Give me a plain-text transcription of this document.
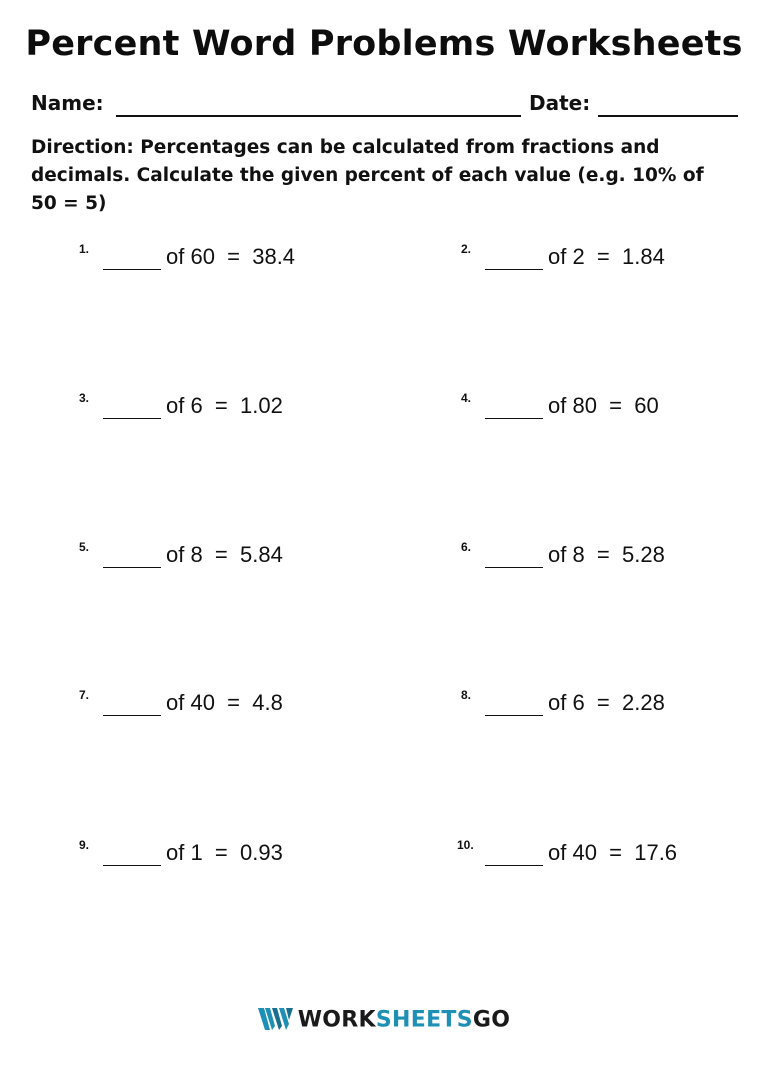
Percent Word Problems Worksheets
Name:	Date:
Direction: Percentages can be calculated from fractions and decimals. Calculate the given percent of each value (e.g. 10% of 50 = 5)
1.	of 60  =  38.4	2.	of 2  =  1.84
3.	of 6  =  1.02	4.	of 80  =  60
5.	of 8  =  5.84	6.	of 8  =  5.28
7.	of 40  =  4.8	8.	of 6  =  2.28
9.	of 1  =  0.93	10.	of 40  =  17.6
WORKSHEETSGO
